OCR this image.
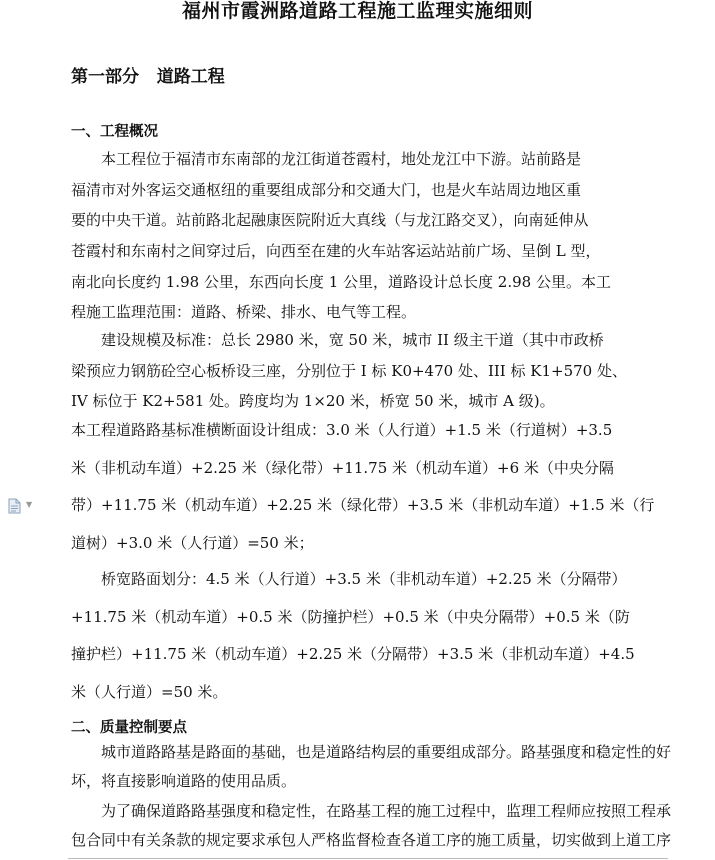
福州市霞洲路道路工程施工监理实施细则
第一部分   道路工程
一、工程概况
本工程位于福清市东南部的龙江街道苍霞村，地处龙江中下游。站前路是
福清市对外客运交通枢纽的重要组成部分和交通大门，也是火车站周边地区重
要的中央干道。站前路北起融康医院附近大真线（与龙江路交叉），向南延伸从
苍霞村和东南村之间穿过后，向西至在建的火车站客运站站前广场、呈倒 L 型，
南北向长度约 1.98 公里，东西向长度 1 公里，道路设计总长度 2.98 公里。本工
程施工监理范围：道路、桥梁、排水、电气等工程。
建设规模及标准：总长 2980 米，宽 50 米，城市 II 级主干道（其中市政桥
梁预应力钢筋砼空心板桥设三座，分别位于 I 标 K0+470 处、III 标 K1+570 处、
IV 标位于 K2+581 处。跨度均为 1×20 米，桥宽 50 米，城市 A 级)。
本工程道路路基标准横断面设计组成：3.0 米（人行道）+1.5 米（行道树）+3.5
米（非机动车道）+2.25 米（绿化带）+11.75 米（机动车道）+6 米（中央分隔
带）+11.75 米（机动车道）+2.25 米（绿化带）+3.5 米（非机动车道）+1.5 米（行
道树）+3.0 米（人行道）=50 米；
桥宽路面划分：4.5 米（人行道）+3.5 米（非机动车道）+2.25 米（分隔带）
+11.75 米（机动车道）+0.5 米（防撞护栏）+0.5 米（中央分隔带）+0.5 米（防
撞护栏）+11.75 米（机动车道）+2.25 米（分隔带）+3.5 米（非机动车道）+4.5
米（人行道）=50 米。
二、质量控制要点
城市道路路基是路面的基础，也是道路结构层的重要组成部分。路基强度和稳定性的好
坏，将直接影响道路的使用品质。
为了确保道路路基强度和稳定性，在路基工程的施工过程中，监理工程师应按照工程承
包合同中有关条款的规定要求承包人严格监督检查各道工序的施工质量，切实做到上道工序
▼
